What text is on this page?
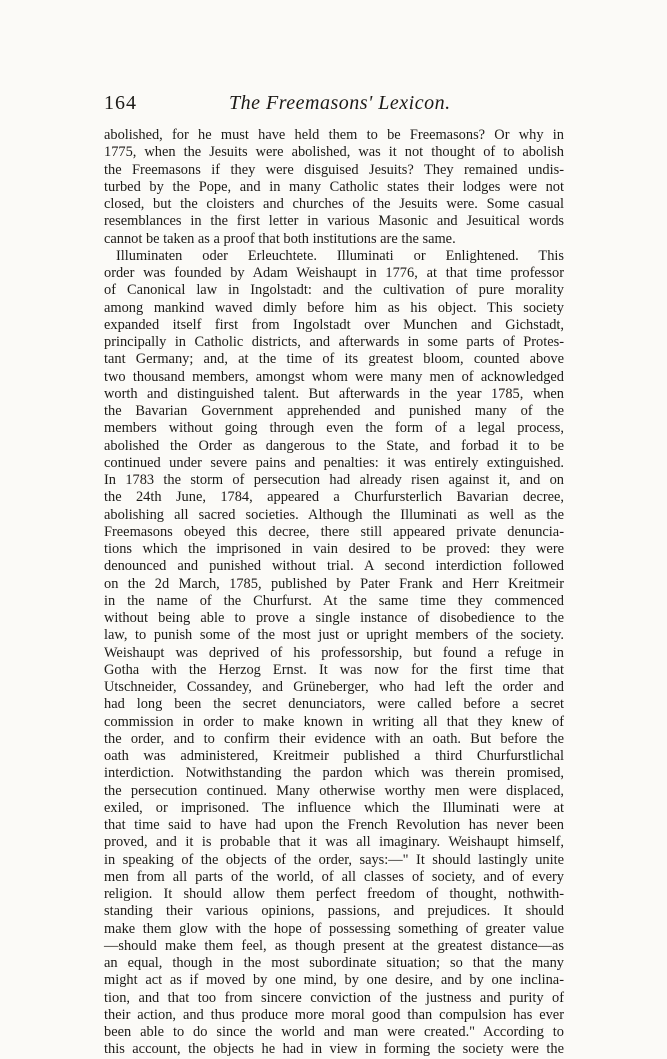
164	The Freemasons' Lexicon.
abolished, for he must have held them to be Freemasons? Or why in
1775, when the Jesuits were abolished, was it not thought of to abolish
the Freemasons if they were disguised Jesuits? They remained undis-
turbed by the Pope, and in many Catholic states their lodges were not
closed, but the cloisters and churches of the Jesuits were. Some casual
resemblances in the first letter in various Masonic and Jesuitical words
cannot be taken as a proof that both institutions are the same.
Illuminaten oder Erleuchtete. Illuminati or Enlightened. This
order was founded by Adam Weishaupt in 1776, at that time professor
of Canonical law in Ingolstadt: and the cultivation of pure morality
among mankind waved dimly before him as his object. This society
expanded itself first from Ingolstadt over Munchen and Gichstadt,
principally in Catholic districts, and afterwards in some parts of Protes-
tant Germany; and, at the time of its greatest bloom, counted above
two thousand members, amongst whom were many men of acknowledged
worth and distinguished talent. But afterwards in the year 1785, when
the Bavarian Government apprehended and punished many of the
members without going through even the form of a legal process,
abolished the Order as dangerous to the State, and forbad it to be
continued under severe pains and penalties: it was entirely extinguished.
In 1783 the storm of persecution had already risen against it, and on
the 24th June, 1784, appeared a Churfursterlich Bavarian decree,
abolishing all sacred societies. Although the Illuminati as well as the
Freemasons obeyed this decree, there still appeared private denuncia-
tions which the imprisoned in vain desired to be proved: they were
denounced and punished without trial. A second interdiction followed
on the 2d March, 1785, published by Pater Frank and Herr Kreitmeir
in the name of the Churfurst. At the same time they commenced
without being able to prove a single instance of disobedience to the
law, to punish some of the most just or upright members of the society.
Weishaupt was deprived of his professorship, but found a refuge in
Gotha with the Herzog Ernst. It was now for the first time that
Utschneider, Cossandey, and Grüneberger, who had left the order and
had long been the secret denunciators, were called before a secret
commission in order to make known in writing all that they knew of
the order, and to confirm their evidence with an oath. But before the
oath was administered, Kreitmeir published a third Churfurstlichal
interdiction. Notwithstanding the pardon which was therein promised,
the persecution continued. Many otherwise worthy men were displaced,
exiled, or imprisoned. The influence which the Illuminati were at
that time said to have had upon the French Revolution has never been
proved, and it is probable that it was all imaginary. Weishaupt himself,
in speaking of the objects of the order, says:—" It should lastingly unite
men from all parts of the world, of all classes of society, and of every
religion. It should allow them perfect freedom of thought, nothwith-
standing their various opinions, passions, and prejudices. It should
make them glow with the hope of possessing something of greater value
—should make them feel, as though present at the greatest distance—as
an equal, though in the most subordinate situation; so that the many
might act as if moved by one mind, by one desire, and by one inclina-
tion, and that too from sincere conviction of the justness and purity of
their action, and thus produce more moral good than compulsion has ever
been able to do since the world and man were created." According to
this account, the objects he had in view in forming the society were the
